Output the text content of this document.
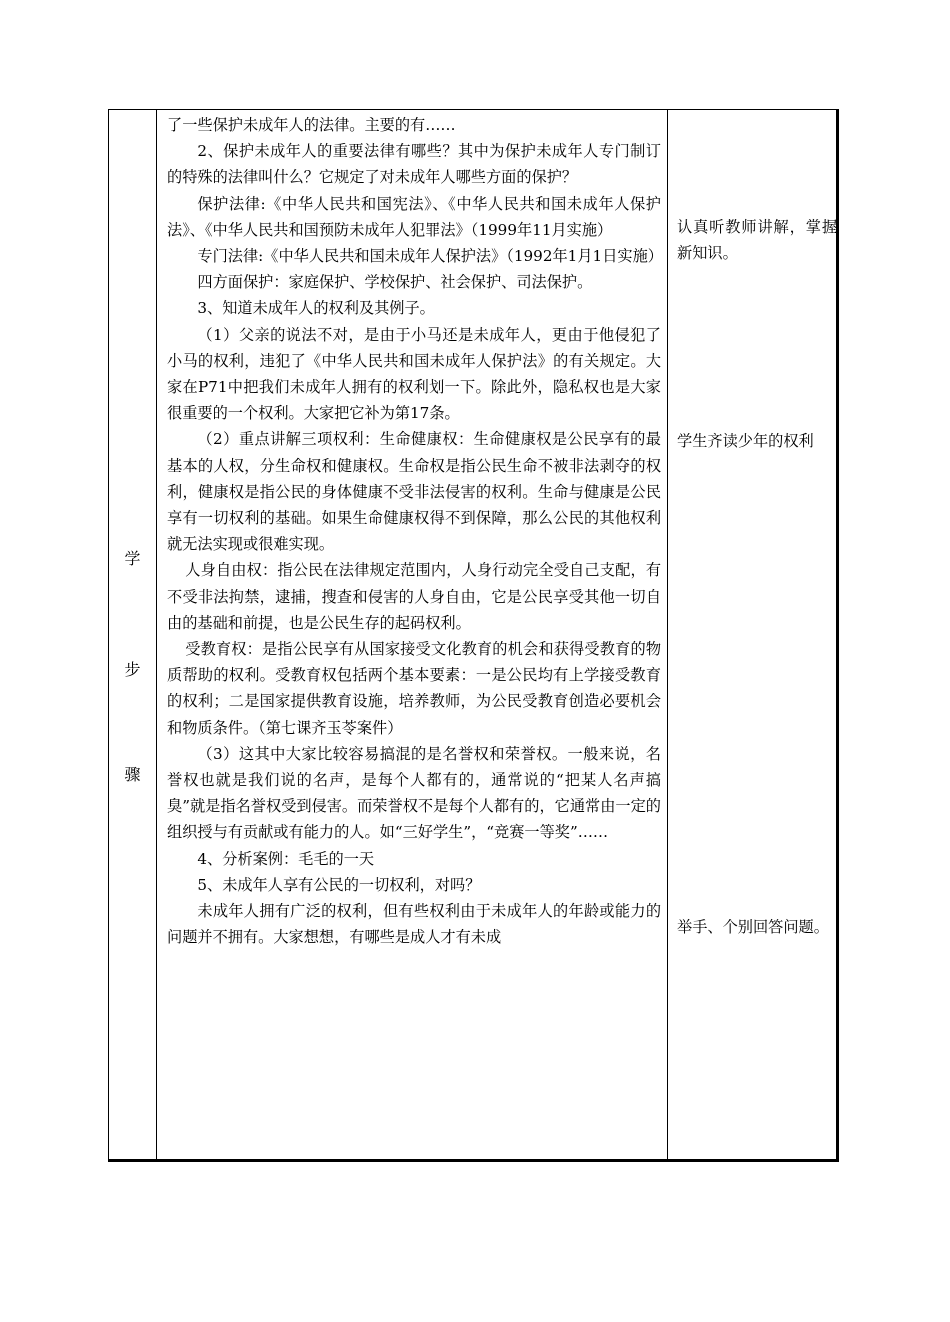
学
步
骤

了一些保护未成年人的法律。主要的有……

2、保护未成年人的重要法律有哪些？其中为保护未成年人专门制订的特殊的法律叫什么？它规定了对未成年人哪些方面的保护？

保护法律:《中华人民共和国宪法》、《中华人民共和国未成年人保护法》、《中华人民共和国预防未成年人犯罪法》（1999年11月实施）

专门法律:《中华人民共和国未成年人保护法》（1992年1月1日实施）

四方面保护：家庭保护、学校保护、社会保护、司法保护。

3、知道未成年人的权利及其例子。

（1）父亲的说法不对，是由于小马还是未成年人，更由于他侵犯了小马的权利，违犯了《中华人民共和国未成年人保护法》的有关规定。大家在P71中把我们未成年人拥有的权利划一下。除此外，隐私权也是大家很重要的一个权利。大家把它补为第17条。

（2）重点讲解三项权利：生命健康权：生命健康权是公民享有的最基本的人权，分生命权和健康权。生命权是指公民生命不被非法剥夺的权利，健康权是指公民的身体健康不受非法侵害的权利。生命与健康是公民享有一切权利的基础。如果生命健康权得不到保障，那么公民的其他权利就无法实现或很难实现。

人身自由权：指公民在法律规定范围内，人身行动完全受自己支配，有不受非法拘禁，逮捕，搜查和侵害的人身自由，它是公民享受其他一切自由的基础和前提，也是公民生存的起码权利。

受教育权：是指公民享有从国家接受文化教育的机会和获得受教育的物质帮助的权利。受教育权包括两个基本要素：一是公民均有上学接受教育的权利；二是国家提供教育设施，培养教师，为公民受教育创造必要机会和物质条件。（第七课齐玉苓案件）

（3）这其中大家比较容易搞混的是名誉权和荣誉权。一般来说，名誉权也就是我们说的名声，是每个人都有的，通常说的“把某人名声搞臭”就是指名誉权受到侵害。而荣誉权不是每个人都有的，它通常由一定的组织授与有贡献或有能力的人。如“三好学生”，“竞赛一等奖”……

4、分析案例：毛毛的一天

5、未成年人享有公民的一切权利，对吗？

未成年人拥有广泛的权利，但有些权利由于未成年人的年龄或能力的问题并不拥有。大家想想，有哪些是成人才有未成

认真听教师讲解，掌握新知识。

学生齐读少年的权利

举手、个别回答问题。
